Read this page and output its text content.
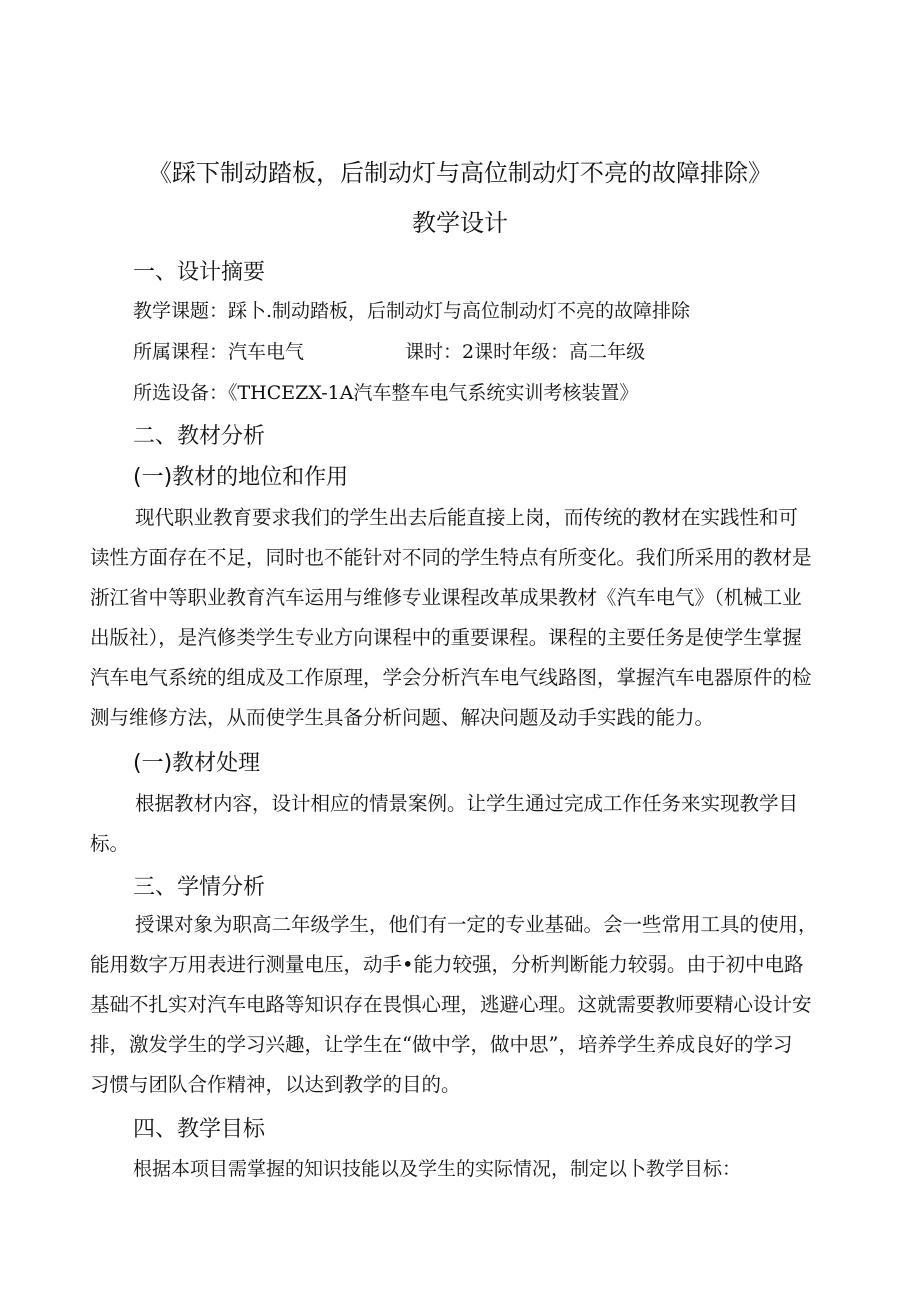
《踩下制动踏板，后制动灯与高位制动灯不亮的故障排除》
教学设计
一、设计摘要
教学课题：踩卜.制动踏板，后制动灯与高位制动灯不亮的故障排除
所属课程：汽车电气	课时：2课时年级：高二年级
所选设备：《THCEZX-1A汽车整车电气系统实训考核装置》
二、教材分析
(一)教材的地位和作用
现代职业教育要求我们的学生出去后能直接上岗，而传统的教材在实践性和可
读性方面存在不足，同时也不能针对不同的学生特点有所变化。我们所采用的教材是
浙江省中等职业教育汽车运用与维修专业课程改革成果教材《汽车电气》（机械工业
出版社），是汽修类学生专业方向课程中的重要课程。课程的主要任务是使学生掌握
汽车电气系统的组成及工作原理，学会分析汽车电气线路图，掌握汽车电器原件的检
测与维修方法，从而使学生具备分析问题、解决问题及动手实践的能力。
(一)教材处理
根据教材内容，设计相应的情景案例。让学生通过完成工作任务来实现教学目
标。
三、学情分析
授课对象为职高二年级学生，他们有一定的专业基础。会一些常用工具的使用，
能用数字万用表进行测量电压，动手•能力较强，分析判断能力较弱。由于初中电路
基础不扎实对汽车电路等知识存在畏惧心理，逃避心理。这就需要教师要精心设计安
排，激发学生的学习兴趣，让学生在“做中学，做中思”，培养学生养成良好的学习
习惯与团队合作精神，以达到教学的目的。
四、教学目标
根据本项目需掌握的知识技能以及学生的实际情况，制定以卜教学目标：
